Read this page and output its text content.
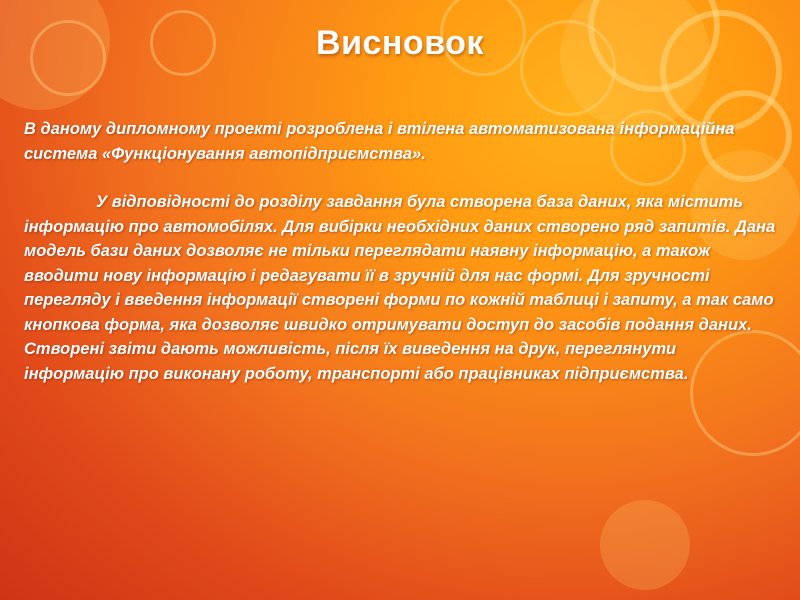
Висновок

В даному дипломному проекті розроблена і втілена автоматизована інформаційна система «Функціонування автопідприємства».

У відповідності до розділу завдання була створена база даних, яка містить інформацію про автомобілях. Для вибірки необхідних даних створено ряд запитів. Дана модель бази даних дозволяє не тільки переглядати наявну інформацію, а також вводити нову інформацію і редагувати її в зручній для нас формі. Для зручності перегляду і введення інформації створені форми по кожній таблиці і запиту, а так само кнопкова форма, яка дозволяє швидко отримувати доступ до засобів подання даних. Створені звіти дають можливість, після їх виведення на друк, переглянути інформацію про виконану роботу, транспорті або працівниках підприємства.
